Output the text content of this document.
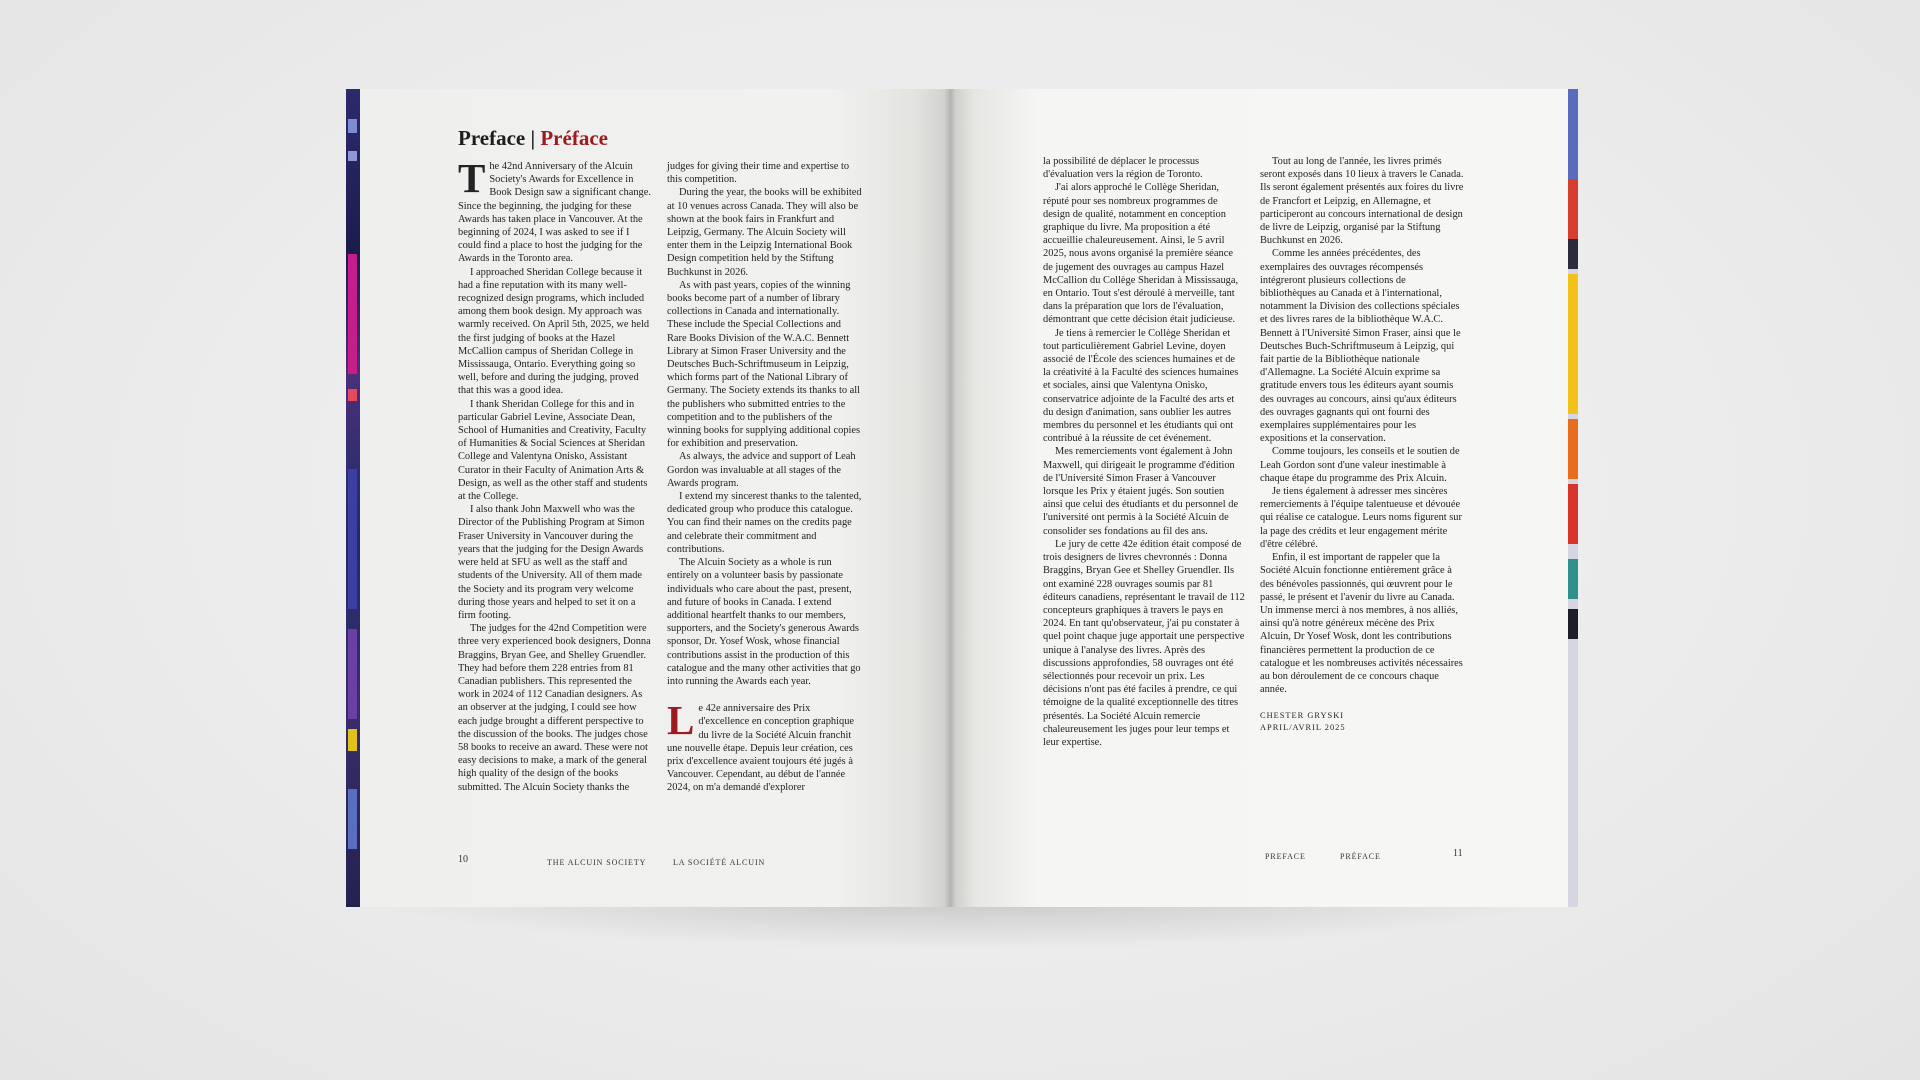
Preface | Préface

The 42nd Anniversary of the Alcuin Society's Awards for Excellence in Book Design saw a significant change. Since the beginning, the judging for these Awards has taken place in Vancouver. At the beginning of 2024, I was asked to see if I could find a place to host the judging for the Awards in the Toronto area.

I approached Sheridan College because it had a fine reputation with its many well-recognized design programs, which included among them book design. My approach was warmly received. On April 5th, 2025, we held the first judging of books at the Hazel McCallion campus of Sheridan College in Mississauga, Ontario. Everything going so well, before and during the judging, proved that this was a good idea.

I thank Sheridan College for this and in particular Gabriel Levine, Associate Dean, School of Humanities and Creativity, Faculty of Humanities & Social Sciences at Sheridan College and Valentyna Onisko, Assistant Curator in their Faculty of Animation Arts & Design, as well as the other staff and students at the College.

I also thank John Maxwell who was the Director of the Publishing Program at Simon Fraser University in Vancouver during the years that the judging for the Design Awards were held at SFU as well as the staff and students of the University. All of them made the Society and its program very welcome during those years and helped to set it on a firm footing.

The judges for the 42nd Competition were three very experienced book designers, Donna Braggins, Bryan Gee, and Shelley Gruendler. They had before them 228 entries from 81 Canadian publishers. This represented the work in 2024 of 112 Canadian designers. As an observer at the judging, I could see how each judge brought a different perspective to the discussion of the books. The judges chose 58 books to receive an award. These were not easy decisions to make, a mark of the general high quality of the design of the books submitted. The Alcuin Society thanks the

judges for giving their time and expertise to this competition.

During the year, the books will be exhibited at 10 venues across Canada. They will also be shown at the book fairs in Frankfurt and Leipzig, Germany. The Alcuin Society will enter them in the Leipzig International Book Design competition held by the Stiftung Buchkunst in 2026.

As with past years, copies of the winning books become part of a number of library collections in Canada and internationally. These include the Special Collections and Rare Books Division of the W.A.C. Bennett Library at Simon Fraser University and the Deutsches Buch-Schriftmuseum in Leipzig, which forms part of the National Library of Germany. The Society extends its thanks to all the publishers who submitted entries to the competition and to the publishers of the winning books for supplying additional copies for exhibition and preservation.

As always, the advice and support of Leah Gordon was invaluable at all stages of the Awards program.

I extend my sincerest thanks to the talented, dedicated group who produce this catalogue. You can find their names on the credits page and celebrate their commitment and contributions.

The Alcuin Society as a whole is run entirely on a volunteer basis by passionate individuals who care about the past, present, and future of books in Canada. I extend additional heartfelt thanks to our members, supporters, and the Society's generous Awards sponsor, Dr. Yosef Wosk, whose financial contributions assist in the production of this catalogue and the many other activities that go into running the Awards each year.

Le 42e anniversaire des Prix d'excellence en conception graphique du livre de la Société Alcuin franchit une nouvelle étape. Depuis leur création, ces prix d'excellence avaient toujours été jugés à Vancouver. Cependant, au début de l'année 2024, on m'a demandé d'explorer

10	THE ALCUIN SOCIETY	LA SOCIÉTÉ ALCUIN

la possibilité de déplacer le processus d'évaluation vers la région de Toronto.

J'ai alors approché le Collège Sheridan, réputé pour ses nombreux programmes de design de qualité, notamment en conception graphique du livre. Ma proposition a été accueillie chaleureusement. Ainsi, le 5 avril 2025, nous avons organisé la première séance de jugement des ouvrages au campus Hazel McCallion du Collège Sheridan à Mississauga, en Ontario. Tout s'est déroulé à merveille, tant dans la préparation que lors de l'évaluation, démontrant que cette décision était judicieuse.

Je tiens à remercier le Collège Sheridan et tout particulièrement Gabriel Levine, doyen associé de l'École des sciences humaines et de la créativité à la Faculté des sciences humaines et sociales, ainsi que Valentyna Onisko, conservatrice adjointe de la Faculté des arts et du design d'animation, sans oublier les autres membres du personnel et les étudiants qui ont contribué à la réussite de cet événement.

Mes remerciements vont également à John Maxwell, qui dirigeait le programme d'édition de l'Université Simon Fraser à Vancouver lorsque les Prix y étaient jugés. Son soutien ainsi que celui des étudiants et du personnel de l'université ont permis à la Société Alcuin de consolider ses fondations au fil des ans.

Le jury de cette 42e édition était composé de trois designers de livres chevronnés : Donna Braggins, Bryan Gee et Shelley Gruendler. Ils ont examiné 228 ouvrages soumis par 81 éditeurs canadiens, représentant le travail de 112 concepteurs graphiques à travers le pays en 2024. En tant qu'observateur, j'ai pu constater à quel point chaque juge apportait une perspective unique à l'analyse des livres. Après des discussions approfondies, 58 ouvrages ont été sélectionnés pour recevoir un prix. Les décisions n'ont pas été faciles à prendre, ce qui témoigne de la qualité exceptionnelle des titres présentés. La Société Alcuin remercie chaleureusement les juges pour leur temps et leur expertise.

Tout au long de l'année, les livres primés seront exposés dans 10 lieux à travers le Canada. Ils seront également présentés aux foires du livre de Francfort et Leipzig, en Allemagne, et participeront au concours international de design de livre de Leipzig, organisé par la Stiftung Buchkunst en 2026.

Comme les années précédentes, des exemplaires des ouvrages récompensés intégreront plusieurs collections de bibliothèques au Canada et à l'international, notamment la Division des collections spéciales et des livres rares de la bibliothèque W.A.C. Bennett à l'Université Simon Fraser, ainsi que le Deutsches Buch-Schriftmuseum à Leipzig, qui fait partie de la Bibliothèque nationale d'Allemagne. La Société Alcuin exprime sa gratitude envers tous les éditeurs ayant soumis des ouvrages au concours, ainsi qu'aux éditeurs des ouvrages gagnants qui ont fourni des exemplaires supplémentaires pour les expositions et la conservation.

Comme toujours, les conseils et le soutien de Leah Gordon sont d'une valeur inestimable à chaque étape du programme des Prix Alcuin.

Je tiens également à adresser mes sincères remerciements à l'équipe talentueuse et dévouée qui réalise ce catalogue. Leurs noms figurent sur la page des crédits et leur engagement mérite d'être célébré.

Enfin, il est important de rappeler que la Société Alcuin fonctionne entièrement grâce à des bénévoles passionnés, qui œuvrent pour le passé, le présent et l'avenir du livre au Canada. Un immense merci à nos membres, à nos alliés, ainsi qu'à notre généreux mécène des Prix Alcuin, Dr Yosef Wosk, dont les contributions financières permettent la production de ce catalogue et les nombreuses activités nécessaires au bon déroulement de ce concours chaque année.

CHESTER GRYSKI

APRIL/AVRIL 2025

PREFACE	PRÉFACE	11
